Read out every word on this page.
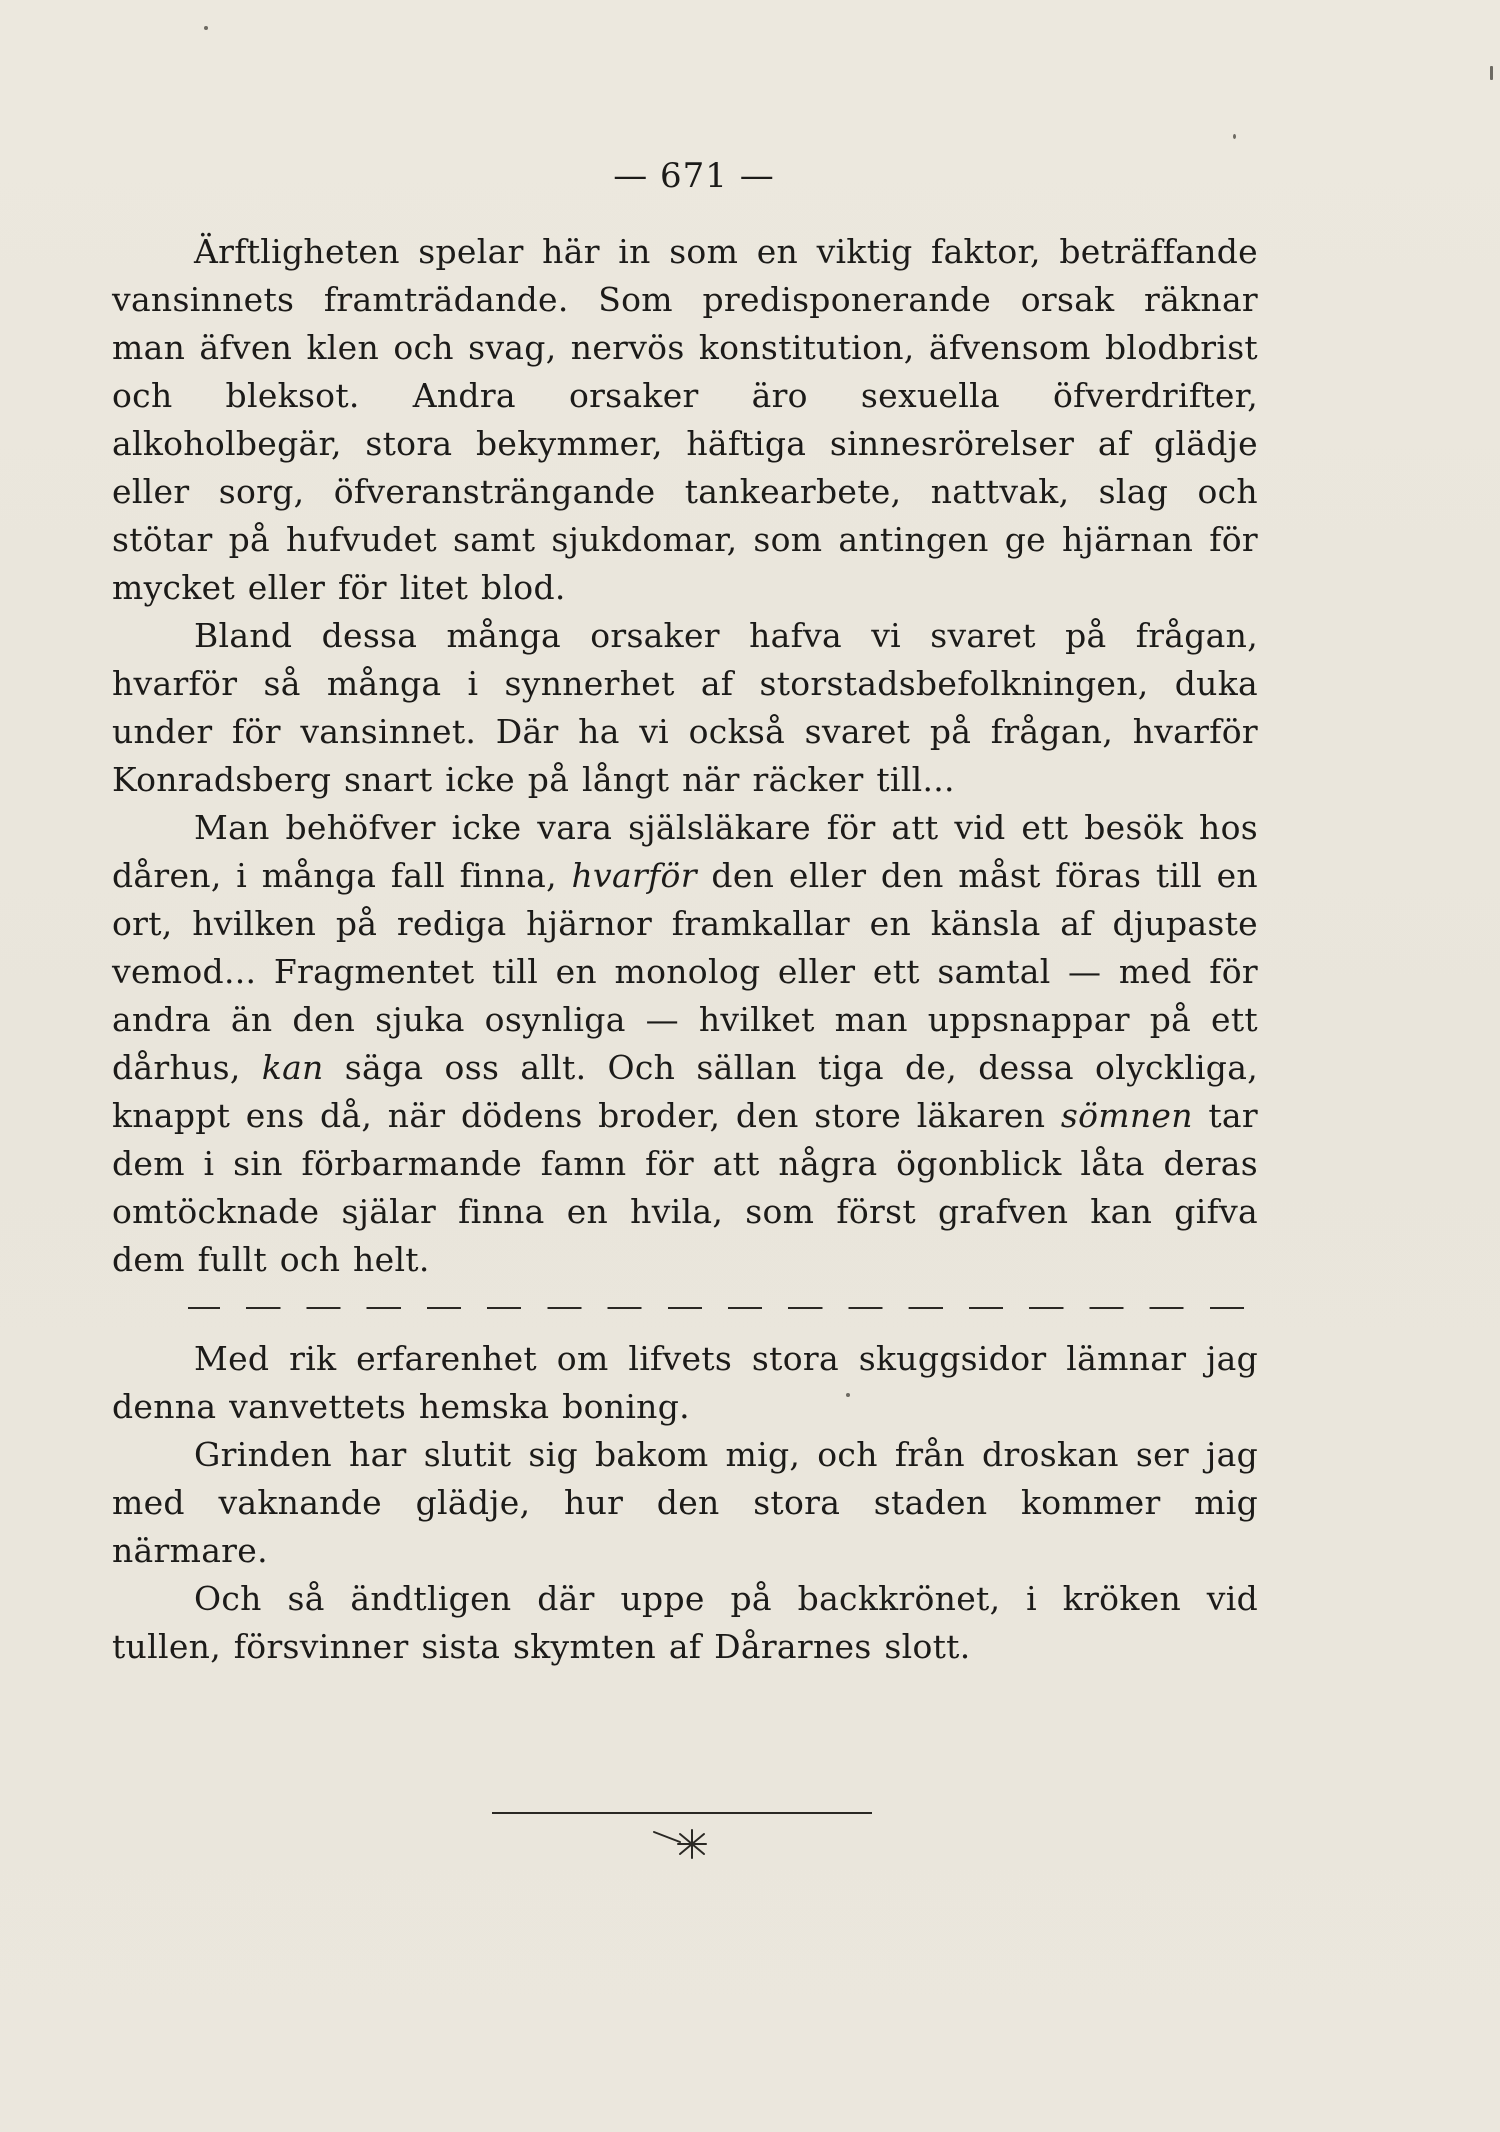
— 671 —

Ärftligheten spelar här in som en viktig faktor, beträffande vansinnets framträdande. Som predisponerande orsak räknar man äfven klen och svag, nervös konstitution, äfvensom blodbrist och bleksot. Andra orsaker äro sexuella öfverdrifter, alkoholbegär, stora bekymmer, häftiga sinnesrörelser af glädje eller sorg, öfveransträngande tankearbete, nattvak, slag och stötar på hufvudet samt sjukdomar, som antingen ge hjärnan för mycket eller för litet blod.

Bland dessa många orsaker hafva vi svaret på frågan, hvarför så många i synnerhet af storstadsbefolkningen, duka under för vansinnet. Där ha vi också svaret på frågan, hvarför Konradsberg snart icke på långt när räcker till...

Man behöfver icke vara själsläkare för att vid ett besök hos dåren, i många fall finna, hvarför den eller den måst föras till en ort, hvilken på rediga hjärnor framkallar en känsla af djupaste vemod... Fragmentet till en monolog eller ett samtal — med för andra än den sjuka osynliga — hvilket man uppsnappar på ett dårhus, kan säga oss allt. Och sällan tiga de, dessa olyckliga, knappt ens då, när dödens broder, den store läkaren sömnen tar dem i sin förbarmande famn för att några ögonblick låta deras omtöcknade själar finna en hvila, som först grafven kan gifva dem fullt och helt.

Med rik erfarenhet om lifvets stora skuggsidor lämnar jag denna vanvettets hemska boning.

Grinden har slutit sig bakom mig, och från droskan ser jag med vaknande glädje, hur den stora staden kommer mig närmare.

Och så ändtligen där uppe på backkrönet, i kröken vid tullen, försvinner sista skymten af Dårarnes slott.
